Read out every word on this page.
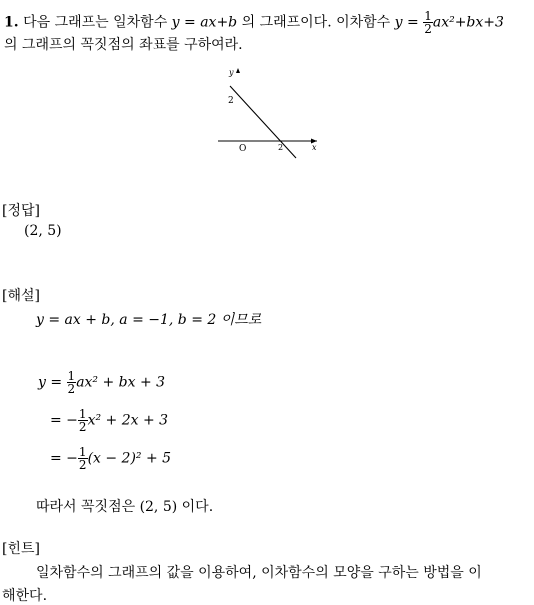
1. 다음 그래프는 일차함수 y = ax+b 의 그래프이다. 이차함수 $y = \frac{1}{2} ax^2+bx+3$
의 그래프의 꼭짓점의 좌표를 구하여라.
y
2
O	2	x
[정답]
(2, 5)
[해설]
y = ax + b, a = −1, b = 2 이므로
$y = \frac{1}{2} ax^2$ + bx + 3
= − $\frac{1}{2} x^2 + 2x + 3$
= − $\frac{1}{2} (x - 2)^2 + 5$
따라서 꼭짓점은 (2, 5) 이다.
[힌트]
일차함수의 그래프의 값을 이용하여, 이차함수의 모양을 구하는 방법을 이
해한다.
